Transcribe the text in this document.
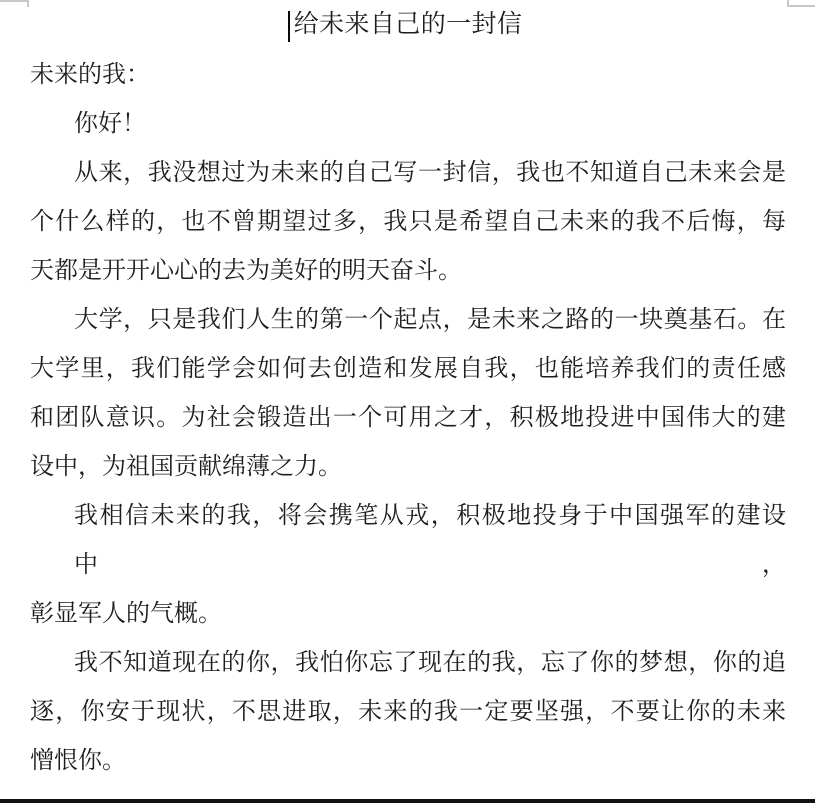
给未来自己的一封信
未来的我：
你好！
从来，我没想过为未来的自己写一封信，我也不知道自己未来会是
个什么样的，也不曾期望过多，我只是希望自己未来的我不后悔，每
天都是开开心心的去为美好的明天奋斗。
大学，只是我们人生的第一个起点，是未来之路的一块奠基石。在
大学里，我们能学会如何去创造和发展自我，也能培养我们的责任感
和团队意识。为社会锻造出一个可用之才，积极地投进中国伟大的建
设中，为祖国贡献绵薄之力。
我相信未来的我，将会携笔从戎，积极地投身于中国强军的建设中，
彰显军人的气概。
我不知道现在的你，我怕你忘了现在的我，忘了你的梦想，你的追
逐，你安于现状，不思进取，未来的我一定要坚强，不要让你的未来
憎恨你。
